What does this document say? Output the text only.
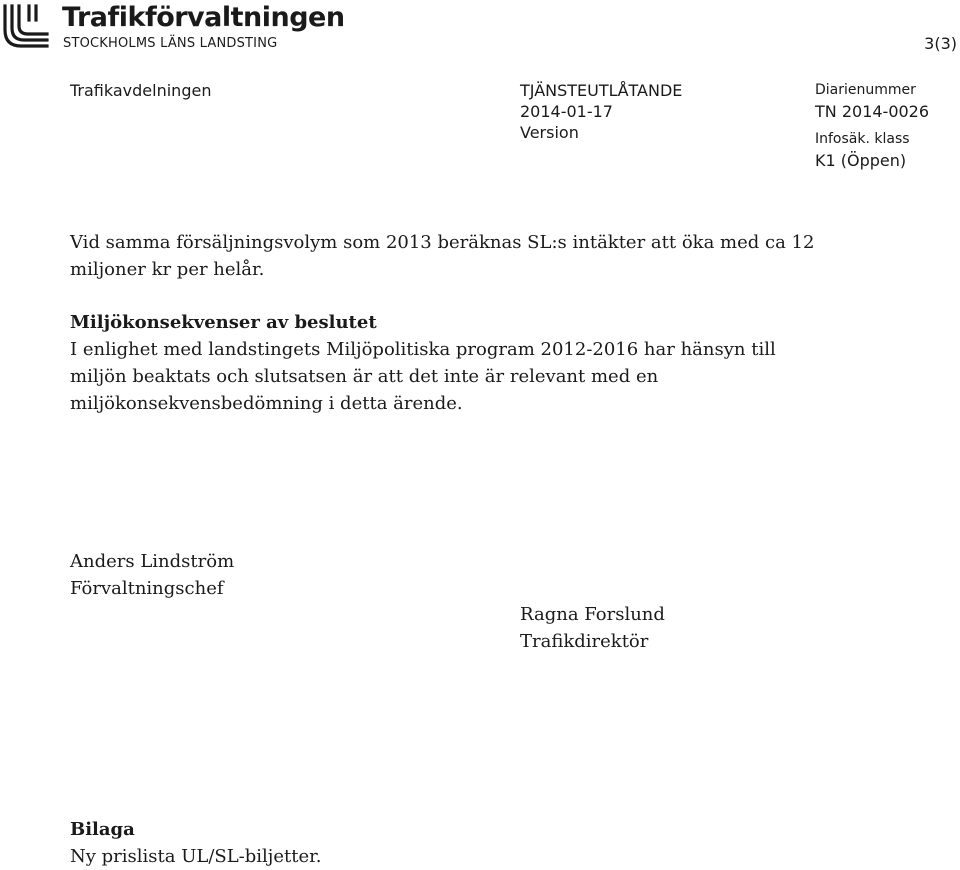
Trafikförvaltningen
STOCKHOLMS LÄNS LANDSTING	3(3)
Trafikavdelningen	TJÄNSTEUTLÅTANDE
2014-01-17
Version
Diarienummer
TN 2014-0026
Infosäk. klass
K1 (Öppen)

Vid samma försäljningsvolym som 2013 beräknas SL:s intäkter att öka med ca 12 miljoner kr per helår.

Miljökonsekvenser av beslutet

I enlighet med landstingets Miljöpolitiska program 2012-2016 har hänsyn till miljön beaktats och slutsatsen är att det inte är relevant med en miljökonsekvensbedömning i detta ärende.

Anders Lindström
Förvaltningschef
Ragna Forslund
Trafikdirektör
Bilaga
Ny prislista UL/SL-biljetter.
